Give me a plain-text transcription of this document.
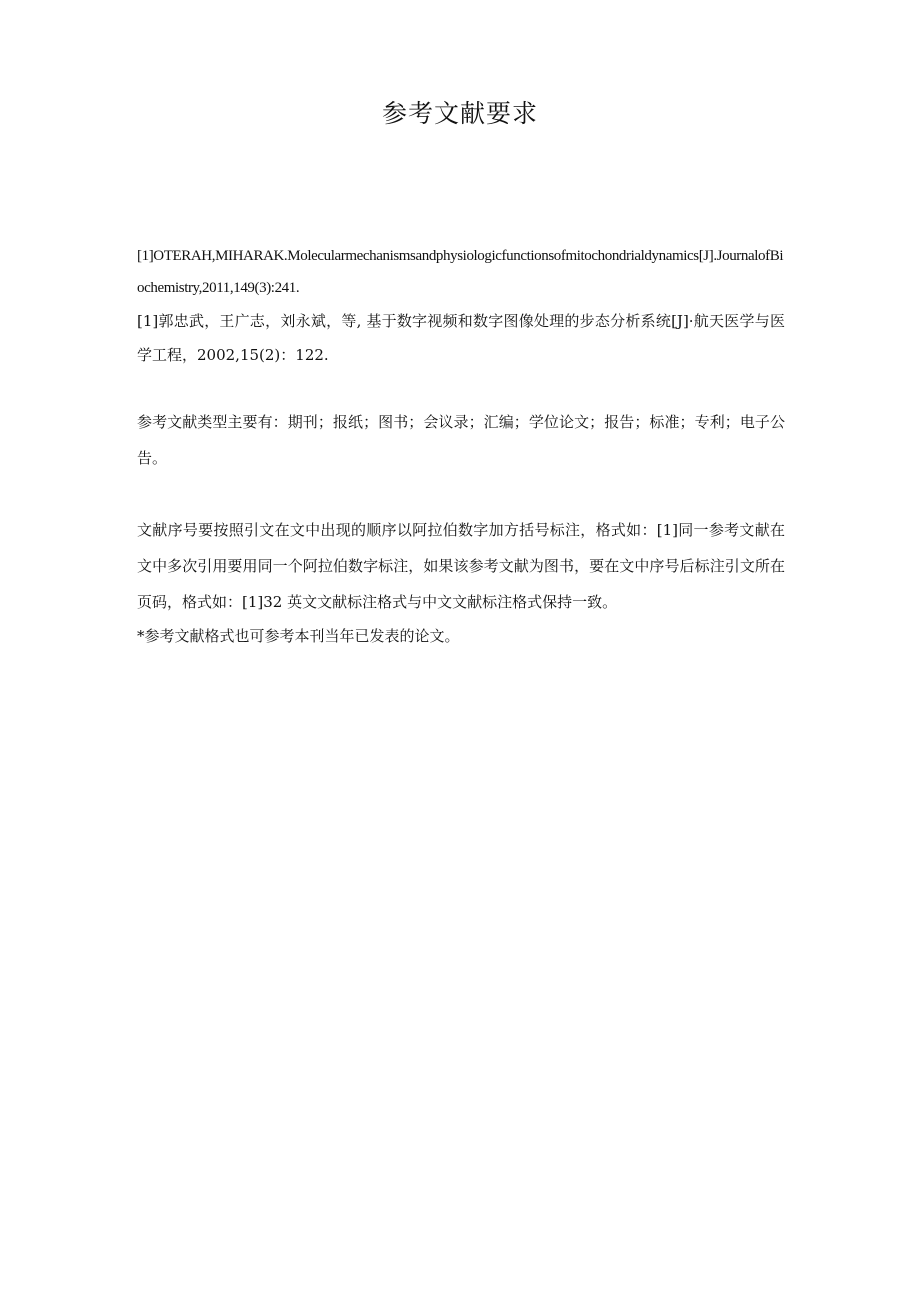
参考文献要求

[1]OTERAH,MIHARAK.Molecularmechanismsandphysiologicfunctionsofmitochondrialdynamics[J].JournalofBiochemistry,2011,149(3):241.

[1]郭忠武，王广志，刘永斌，等, 基于数字视频和数字图像处理的步态分析系统[J]·航天医学与医学工程，2002,15(2)：122.

参考文献类型主要有：期刊；报纸；图书；会议录；汇编；学位论文；报告；标准；专利；电子公告。

文献序号要按照引文在文中出现的顺序以阿拉伯数字加方括号标注，格式如：[1]同一参考文献在文中多次引用要用同一个阿拉伯数字标注，如果该参考文献为图书，要在文中序号后标注引文所在页码，格式如：[1]32 英文文献标注格式与中文文献标注格式保持一致。

*参考文献格式也可参考本刊当年已发表的论文。
